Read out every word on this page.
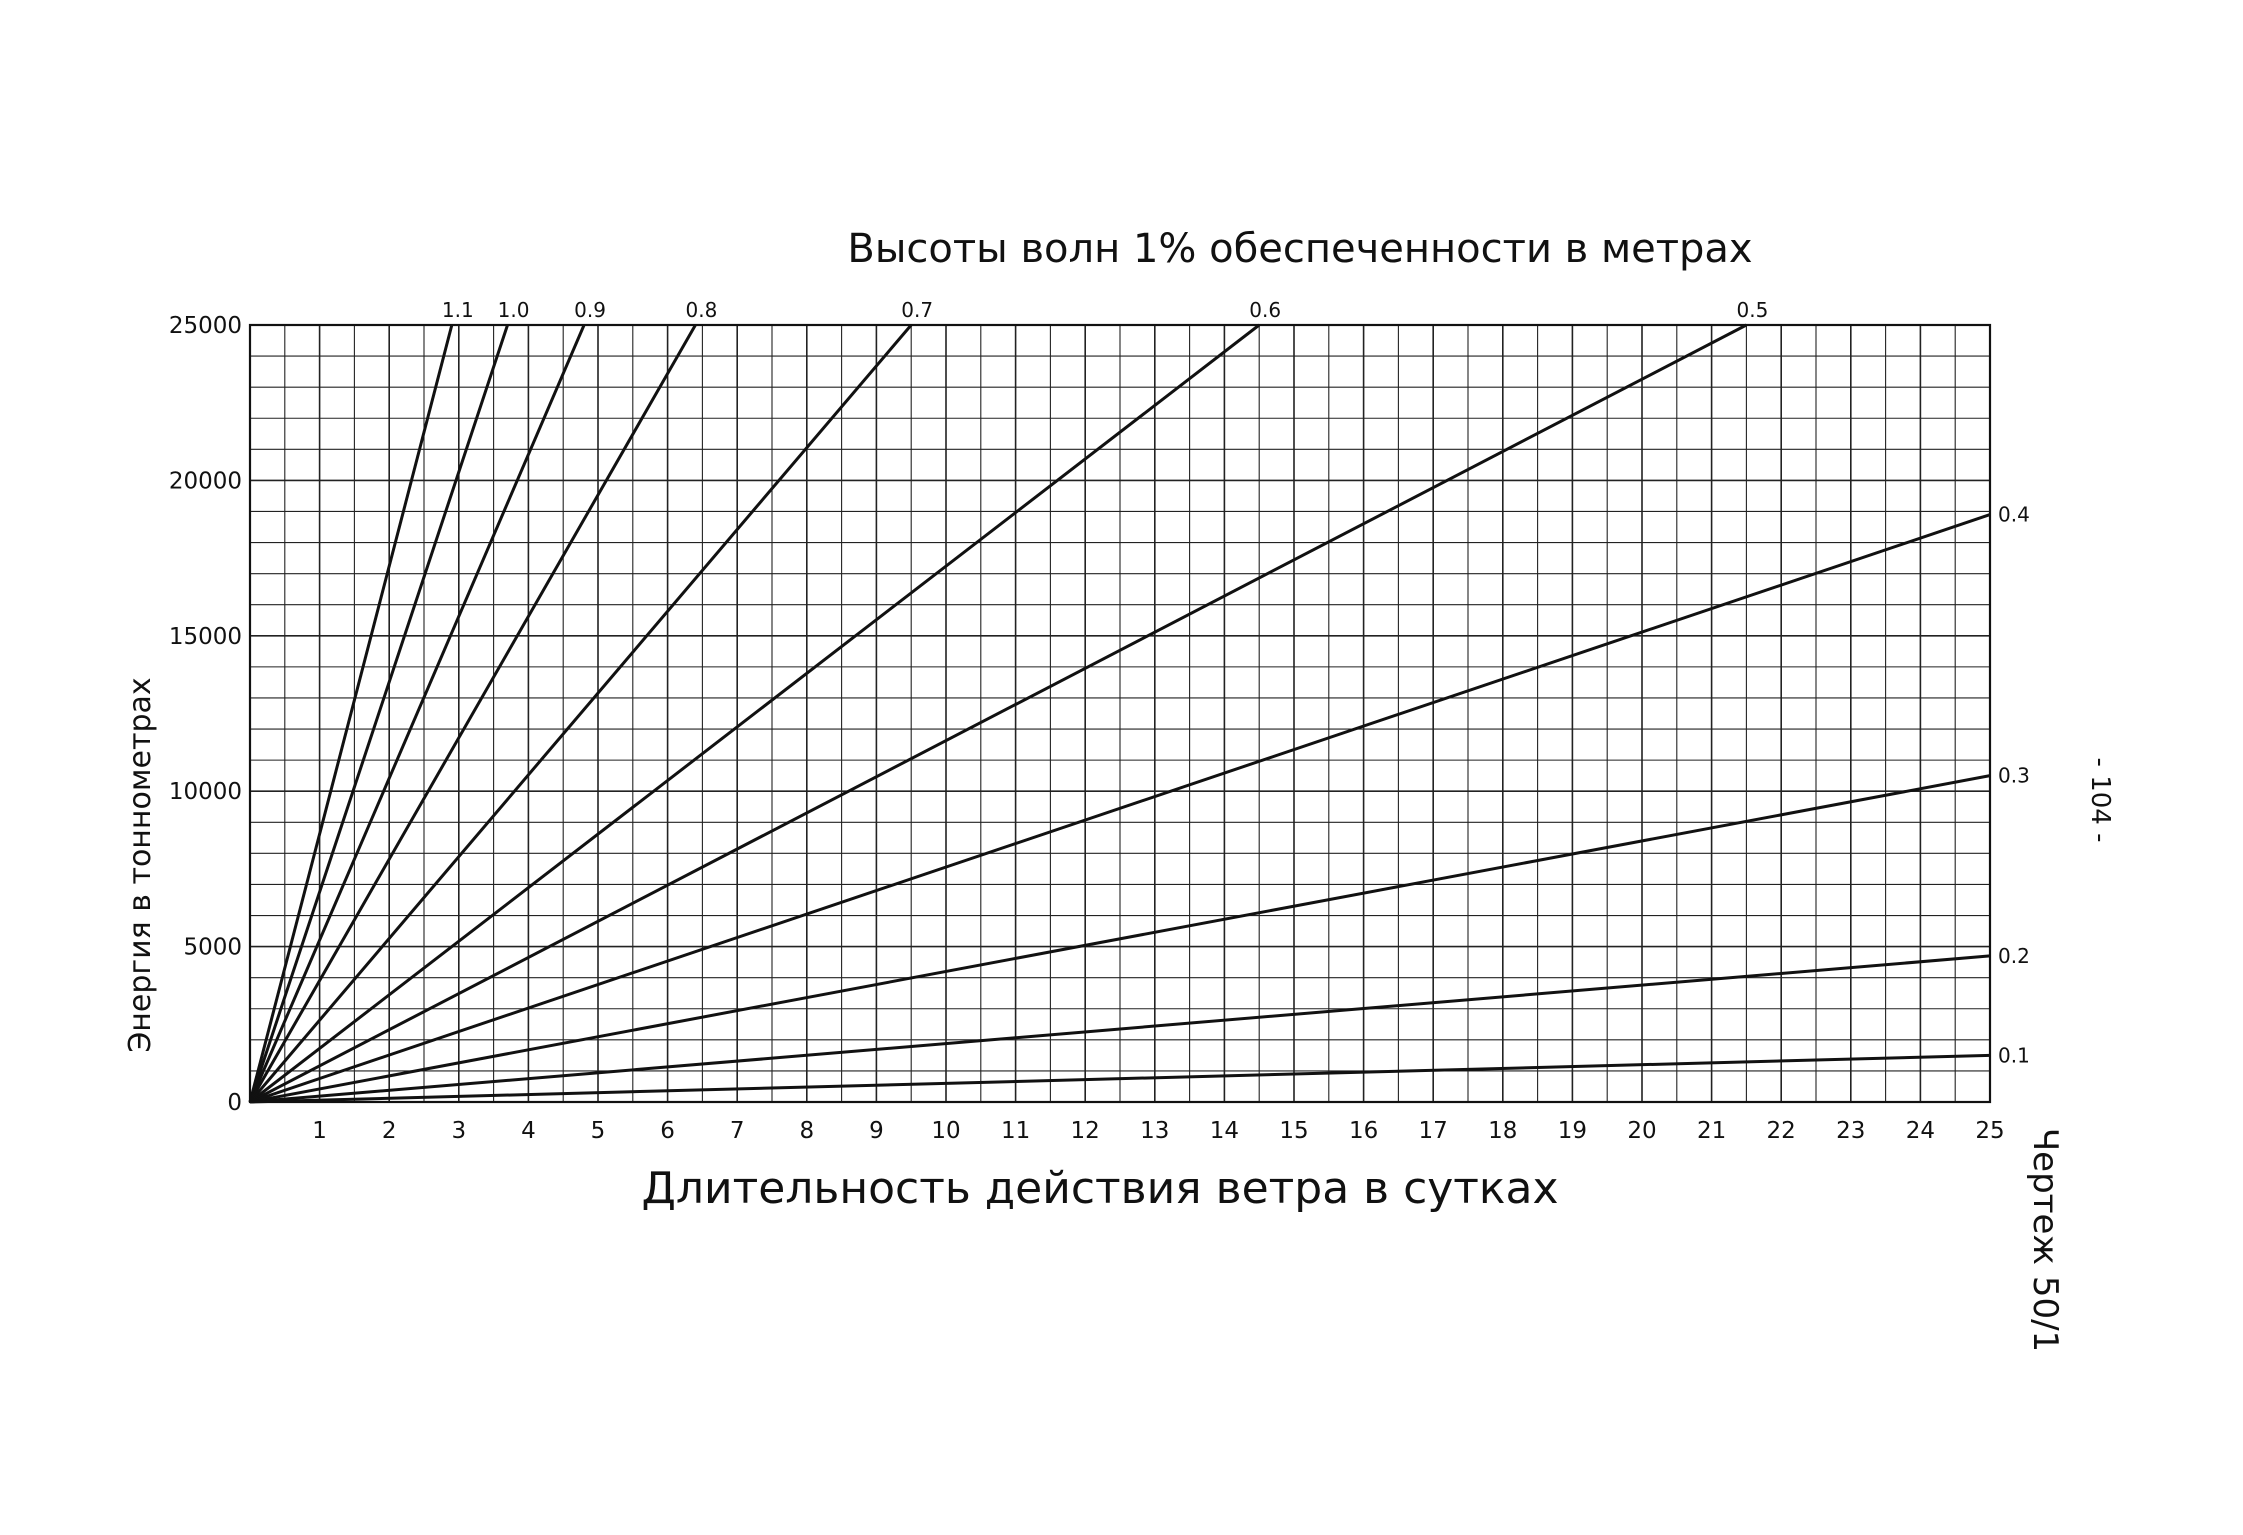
1 2 3 4 5 6 7 8 9 10 11 12 13 14 15 16 17 18 19 20 21 22 23 24 25
0
5000
10000
15000
20000
25000
1.1 1.0 0.9	0.8	0.7	0.6	0.5
0.4
0.3
0.2
0.1
Высоты волн 1% обеспеченности в метрах
Длительность действия ветра в сутках
Энергия в тоннометрах	- 104 -
Чертеж 50/1
